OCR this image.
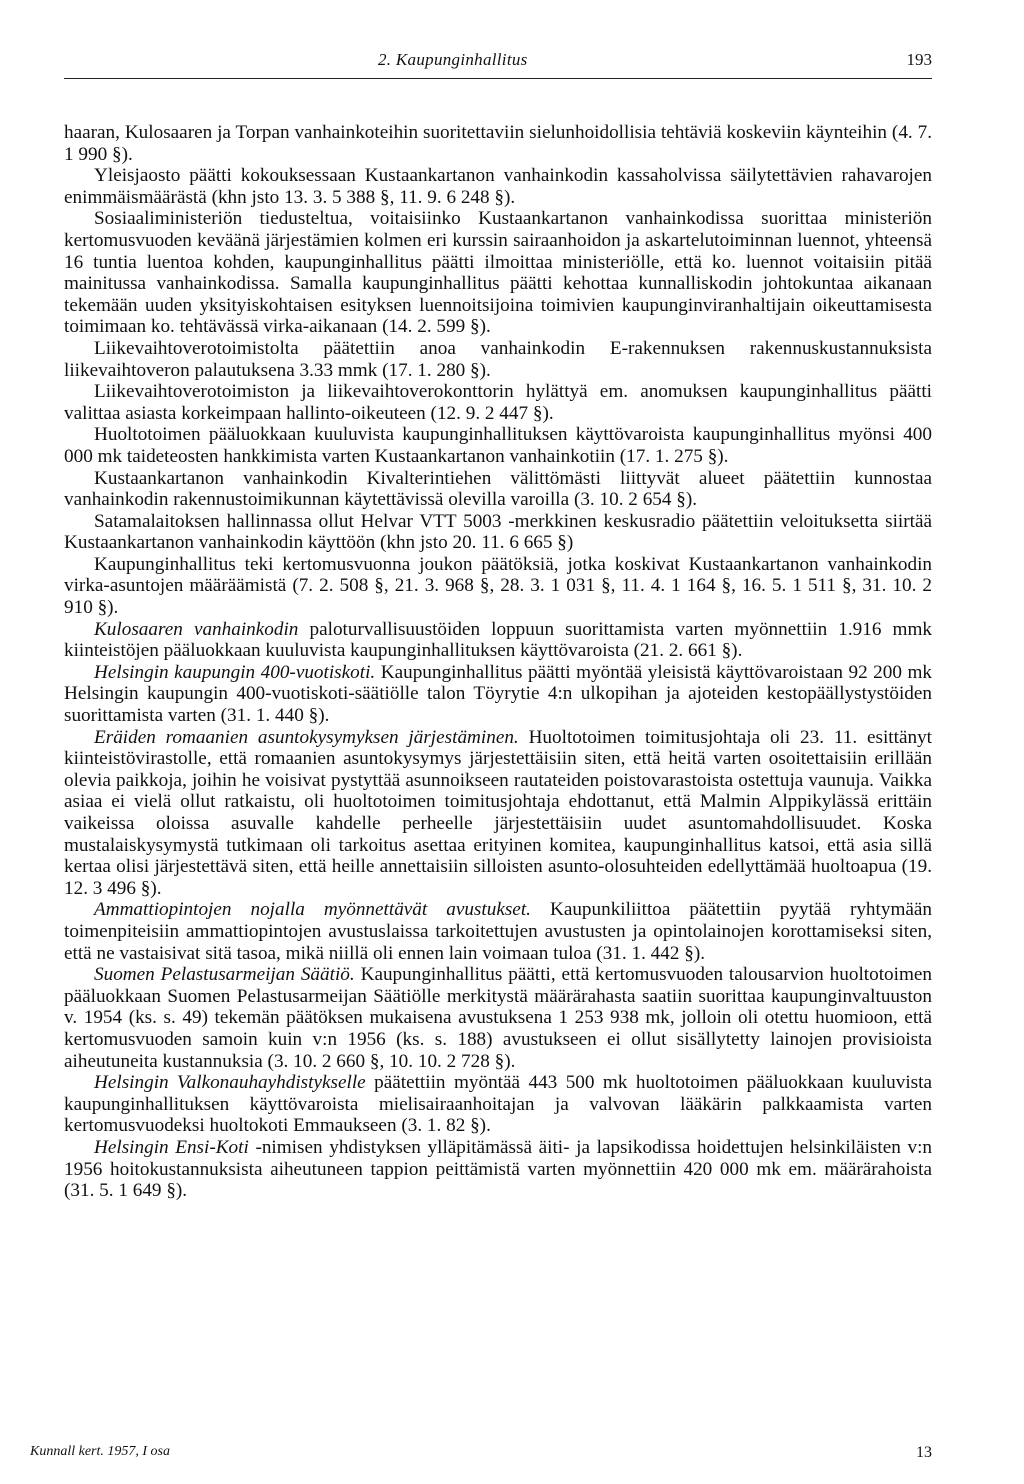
2. Kaupunginhallitus	193

haaran, Kulosaaren ja Torpan vanhainkoteihin suoritettaviin sielunhoidollisia tehtäviä koskeviin käynteihin (4. 7. 1 990 §).

Yleisjaosto päätti kokouksessaan Kustaankartanon vanhainkodin kassaholvissa säilytettävien rahavarojen enimmäismäärästä (khn jsto 13. 3. 5 388 §, 11. 9. 6 248 §).

Sosiaaliministeriön tiedusteltua, voitaisiinko Kustaankartanon vanhainkodissa suorittaa ministeriön kertomusvuoden keväänä järjestämien kolmen eri kurssin sairaanhoidon ja askartelutoiminnan luennot, yhteensä 16 tuntia luentoa kohden, kaupunginhallitus päätti ilmoittaa ministeriölle, että ko. luennot voitaisiin pitää mainitussa vanhainkodissa. Samalla kaupunginhallitus päätti kehottaa kunnalliskodin johtokuntaa aikanaan tekemään uuden yksityiskohtaisen esityksen luennoitsijoina toimivien kaupunginviranhaltijain oikeuttamisesta toimimaan ko. tehtävässä virka-aikanaan (14. 2. 599 §).

Liikevaihtoverotoimistolta päätettiin anoa vanhainkodin E-rakennuksen rakennuskustannuksista liikevaihtoveron palautuksena 3.33 mmk (17. 1. 280 §).

Liikevaihtoverotoimiston ja liikevaihtoverokonttorin hylättyä em. anomuksen kaupunginhallitus päätti valittaa asiasta korkeimpaan hallinto-oikeuteen (12. 9. 2 447 §).

Huoltotoimen pääluokkaan kuuluvista kaupunginhallituksen käyttövaroista kaupunginhallitus myönsi 400 000 mk taideteosten hankkimista varten Kustaankartanon vanhainkotiin (17. 1. 275 §).

Kustaankartanon vanhainkodin Kivalterintiehen välittömästi liittyvät alueet päätettiin kunnostaa vanhainkodin rakennustoimikunnan käytettävissä olevilla varoilla (3. 10. 2 654 §).

Satamalaitoksen hallinnassa ollut Helvar VTT 5003 -merkkinen keskusradio päätettiin veloituksetta siirtää Kustaankartanon vanhainkodin käyttöön (khn jsto 20. 11. 6 665 §)

Kaupunginhallitus teki kertomusvuonna joukon päätöksiä, jotka koskivat Kustaankartanon vanhainkodin virka-asuntojen määräämistä (7. 2. 508 §, 21. 3. 968 §, 28. 3. 1 031 §, 11. 4. 1 164 §, 16. 5. 1 511 §, 31. 10. 2 910 §).

Kulosaaren vanhainkodin paloturvallisuustöiden loppuun suorittamista varten myönnettiin 1.916 mmk kiinteistöjen pääluokkaan kuuluvista kaupunginhallituksen käyttövaroista (21. 2. 661 §).

Helsingin kaupungin 400-vuotiskoti. Kaupunginhallitus päätti myöntää yleisistä käyttövaroistaan 92 200 mk Helsingin kaupungin 400-vuotiskoti-säätiölle talon Töyrytie 4:n ulkopihan ja ajoteiden kestopäällystystöiden suorittamista varten (31. 1. 440 §).

Eräiden romaanien asuntokysymyksen järjestäminen. Huoltotoimen toimitusjohtaja oli 23. 11. esittänyt kiinteistövirastolle, että romaanien asuntokysymys järjestettäisiin siten, että heitä varten osoitettaisiin erillään olevia paikkoja, joihin he voisivat pystyttää asunnoikseen rautateiden poistovarastoista ostettuja vaunuja. Vaikka asiaa ei vielä ollut ratkaistu, oli huoltotoimen toimitusjohtaja ehdottanut, että Malmin Alppikylässä erittäin vaikeissa oloissa asuvalle kahdelle perheelle järjestettäisiin uudet asuntomahdollisuudet. Koska mustalaiskysymystä tutkimaan oli tarkoitus asettaa erityinen komitea, kaupunginhallitus katsoi, että asia sillä kertaa olisi järjestettävä siten, että heille annettaisiin silloisten asunto-olosuhteiden edellyttämää huoltoapua (19. 12. 3 496 §).

Ammattiopintojen nojalla myönnettävät avustukset. Kaupunkiliittoa päätettiin pyytää ryhtymään toimenpiteisiin ammattiopintojen avustuslaissa tarkoitettujen avustusten ja opintolainojen korottamiseksi siten, että ne vastaisivat sitä tasoa, mikä niillä oli ennen lain voimaan tuloa (31. 1. 442 §).

Suomen Pelastusarmeijan Säätiö. Kaupunginhallitus päätti, että kertomusvuoden talousarvion huoltotoimen pääluokkaan Suomen Pelastusarmeijan Säätiölle merkitystä määrärahasta saatiin suorittaa kaupunginvaltuuston v. 1954 (ks. s. 49) tekemän päätöksen mukaisena avustuksena 1 253 938 mk, jolloin oli otettu huomioon, että kertomusvuoden samoin kuin v:n 1956 (ks. s. 188) avustukseen ei ollut sisällytetty lainojen provisioista aiheutuneita kustannuksia (3. 10. 2 660 §, 10. 10. 2 728 §).

Helsingin Valkonauhayhdistykselle päätettiin myöntää 443 500 mk huoltotoimen pääluokkaan kuuluvista kaupunginhallituksen käyttövaroista mielisairaanhoitajan ja valvovan lääkärin palkkaamista varten kertomusvuodeksi huoltokoti Emmaukseen (3. 1. 82 §).

Helsingin Ensi-Koti -nimisen yhdistyksen ylläpitämässä äiti- ja lapsikodissa hoidettujen helsinkiläisten v:n 1956 hoitokustannuksista aiheutuneen tappion peittämistä varten myönnettiin 420 000 mk em. määrärahoista (31. 5. 1 649 §).

Kunnall kert. 1957, I osa	13
